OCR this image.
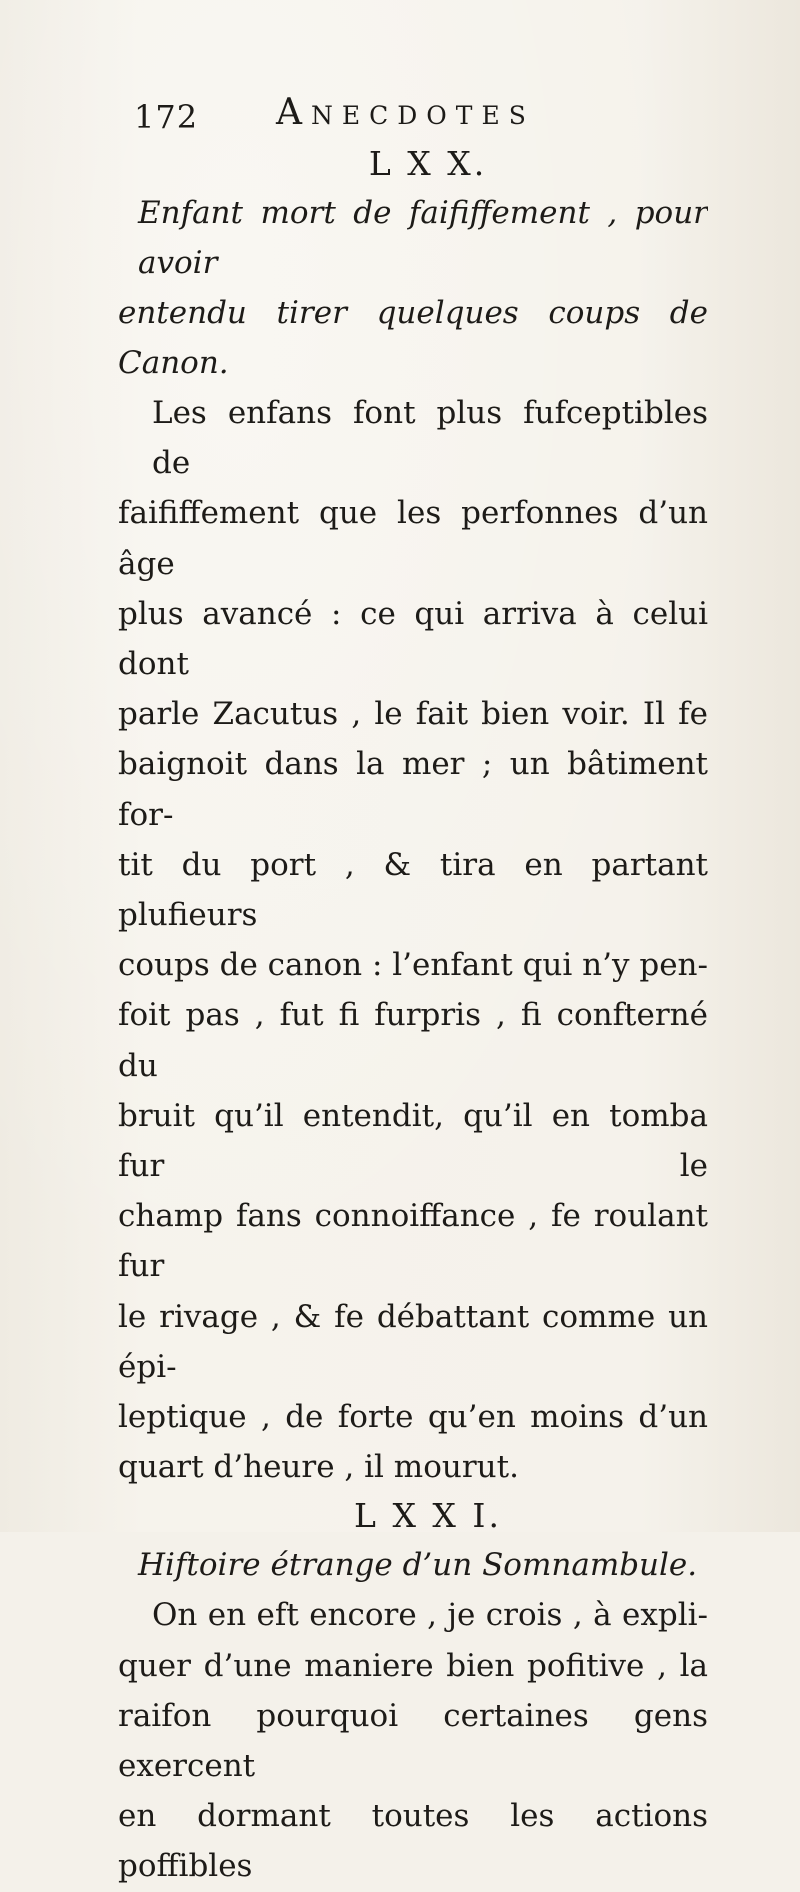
172 Anecdotes
L X X.
Enfant mort de faififfement , pour avoir
entendu tirer quelques coups de Canon.
Les enfans font plus fufceptibles de
faififfement que les perfonnes d’un âge
plus avancé : ce qui arriva à celui dont
parle Zacutus , le fait bien voir. Il fe
baignoit dans la mer ; un bâtiment for-
tit du port , & tira en partant plufieurs
coups de canon : l’enfant qui n’y pen-
foit pas , fut fi furpris , fi confterné du
bruit qu’il entendit, qu’il en tomba fur le
champ fans connoiffance , fe roulant fur
le rivage , & fe débattant comme un épi-
leptique , de forte qu’en moins d’un
quart d’heure , il mourut.
L X X I.
Hiftoire étrange d’un Somnambule.
On en eft encore , je crois , à expli-
quer d’une maniere bien pofitive , la
raifon pourquoi certaines gens exercent
en dormant toutes les actions poffibles
